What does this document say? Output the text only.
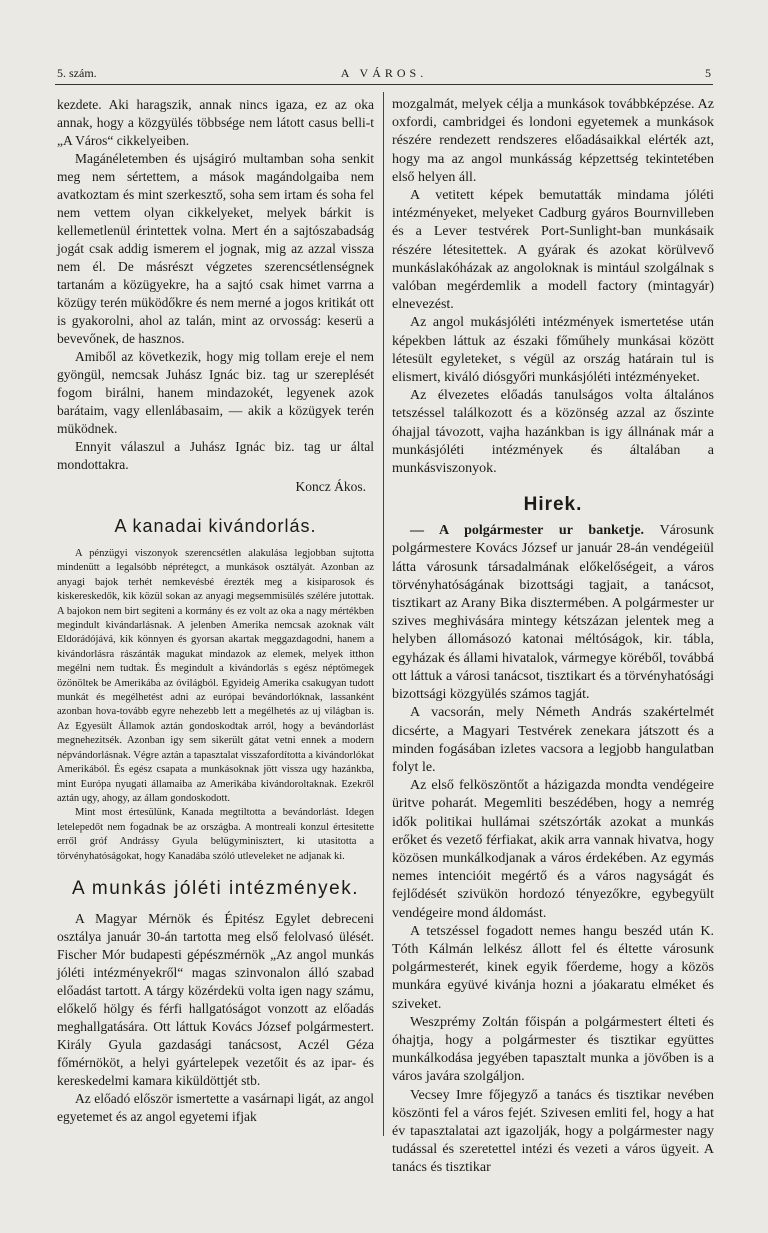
5. szám.	A VÁROS.	5

kezdete. Aki haragszik, annak nincs igaza, ez az oka annak, hogy a közgyülés többsége nem látott casus belli-t „A Város“ cikkelyeiben.

Magánéletemben és ujságiró multamban soha senkit meg nem sértettem, a mások magándolgaiba nem avatkoztam és mint szerkesztő, soha sem irtam és soha fel nem vettem olyan cikkelyeket, melyek bárkit is kellemetlenül érintettek volna. Mert én a sajtószabadság jogát csak addig ismerem el jognak, mig az azzal vissza nem él. De másrészt végzetes szerencsétlenségnek tartanám a közügyekre, ha a sajtó csak himet varrna a közügy terén müködőkre és nem merné a jogos kritikát ott is gyakorolni, ahol az talán, mint az orvosság: keserü a bevevőnek, de hasznos.

Amiből az következik, hogy mig tollam ereje el nem gyöngül, nemcsak Juhász Ignác biz. tag ur szereplését fogom birálni, hanem mindazokét, legyenek azok barátaim, vagy ellenlábasaim, — akik a közügyek terén müködnek.

Ennyit válaszul a Juhász Ignác biz. tag ur által mondottakra.

Koncz Ákos.
A kanadai kivándorlás.

A pénzügyi viszonyok szerencsétlen alakulása legjobban sujtotta mindenütt a legalsóbb néprétegct, a munkások osztályát. Azonban az anyagi bajok terhét nemkevésbé érezték meg a kisiparosok és kiskereskedők, kik közül sokan az anyagi megsemmisülés szélére jutottak. A bajokon nem birt segiteni a kormány és ez volt az oka a nagy mértékben megindult kivándarlásnak. A jelenben Amerika nemcsak azoknak vált Eldorádójává, kik könnyen és gyorsan akartak meggazdagodni, hanem a kivándorlásra rászánták magukat mindazok az elemek, melyek itthon megélni nem tudtak. És megindult a kivándorlás s egész néptömegek özönöltek be Amerikába az óvilágból. Egyideig Amerika csakugyan tudott munkát és megélhetést adni az európai bevándorlóknak, lassanként azonban hova-tovább egyre nehezebb lett a megélhetés az uj világban is. Az Egyesült Államok aztán gondoskodtak arról, hogy a bevándorlást megnehezitsék. Azonban igy sem sikerült gátat vetni ennek a modern népvándorlásnak. Végre aztán a tapasztalat visszafordította a kivándorlókat Amerikából. És egész csapata a munkásoknak jött vissza ugy hazánkba, mint Európa nyugati államaiba az Amerikába kivándoroltaknak. Ezekről aztán ugy, ahogy, az állam gondoskodott.

Mint most értesülünk, Kanada megtiltotta a bevándorlást. Idegen letelepedőt nem fogadnak be az országba. A montreali konzul értesitette erről gróf Andrássy Gyula belügyminisztert, ki utasitotta a törvényhatóságokat, hogy Kanadába szóló utleveleket ne adjanak ki.

A munkás jóléti intézmények.

A Magyar Mérnök és Épitész Egylet debreceni osztálya január 30-án tartotta meg első felolvasó ülését. Fischer Mór budapesti gépészmérnök „Az angol munkás jóléti intézményekről“ magas szinvonalon álló szabad előadást tartott. A tárgy közérdekü volta igen nagy számu, előkelő hölgy és férfi hallgatóságot vonzott az előadás meghallgatására. Ott láttuk Kovács József polgármestert. Király Gyula gazdasági tanácsost, Aczél Géza főmérnököt, a helyi gyártelepek vezetőit és az ipar- és kereskedelmi kamara kiküldöttjét stb.

Az előadó először ismertette a vasárnapi ligát, az angol egyetemet és az angol egyetemi ifjak

mozgalmát, melyek célja a munkások továbbképzése. Az oxfordi, cambridgei és londoni egyetemek a munkások részére rendezett rendszeres előadásaikkal elérték azt, hogy ma az angol munkásság képzettség tekintetében első helyen áll.

A vetitett képek bemutatták mindama jóléti intézményeket, melyeket Cadburg gyáros Bournvilleben és a Lever testvérek Port-Sunlight-ban munkásaik részére létesitettek. A gyárak és azokat körülvevő munkáslakóházak az angoloknak is mintául szolgálnak s valóban megérdemlik a modell factory (mintagyár) elnevezést.

Az angol mukásjóléti intézmények ismertetése után képekben láttuk az északi főműhely munkásai között létesült egyleteket, s végül az ország határain tul is elismert, kiváló diósgyőri munkásjóléti intézményeket.

Az élvezetes előadás tanulságos volta általános tetszéssel találkozott és a közönség azzal az őszinte óhajjal távozott, vajha hazánkban is igy állnának már a munkásjóléti intézmények és általában a munkásviszonyok.

Hirek.

— A polgármester ur banketje. Városunk polgármestere Kovács József ur január 28-án vendégeiül látta városunk társadalmának előkelőségeit, a város törvényhatóságának bizottsági tagjait, a tanácsot, tisztikart az Arany Bika disztermében. A polgármester ur szives meghivására mintegy kétszázan jelentek meg a helyben állomásozó katonai méltóságok, kir. tábla, egyházak és állami hivatalok, vármegye köréből, továbbá ott láttuk a városi tanácsot, tisztikart és a törvényhatósági bizottsági közgyülés számos tagját.

A vacsorán, mely Németh András szakértelmét dicsérte, a Magyari Testvérek zenekara játszott és a minden fogásában izletes vacsora a legjobb hangulatban folyt le.

Az első felköszöntőt a házigazda mondta vendégeire üritve poharát. Megemliti beszédében, hogy a nemrég idők politikai hullámai szétszórták azokat a munkás erőket és vezető férfiakat, akik arra vannak hivatva, hogy közösen munkálkodjanak a város érdekében. Az egymás nemes intencióit megértő és a város nagyságát és fejlődését szivükön hordozó tényezőkre, egybegyült vendégeire mond áldomást.

A tetszéssel fogadott nemes hangu beszéd után K. Tóth Kálmán lelkész állott fel és éltette városunk polgármesterét, kinek egyik főerdeme, hogy a közös munkára együvé kivánja hozni a jóakaratu elméket és sziveket.

Weszprémy Zoltán főispán a polgármestert élteti és óhajtja, hogy a polgármester és tisztikar együttes munkálkodása jegyében tapasztalt munka a jövőben is a város javára szolgáljon.

Vecsey Imre főjegyző a tanács és tisztikar nevében köszönti fel a város fejét. Szivesen emliti fel, hogy a hat év tapasztalatai azt igazolják, hogy a polgármester nagy tudással és szeretettel intézi és vezeti a város ügyeit. A tanács és tisztikar
